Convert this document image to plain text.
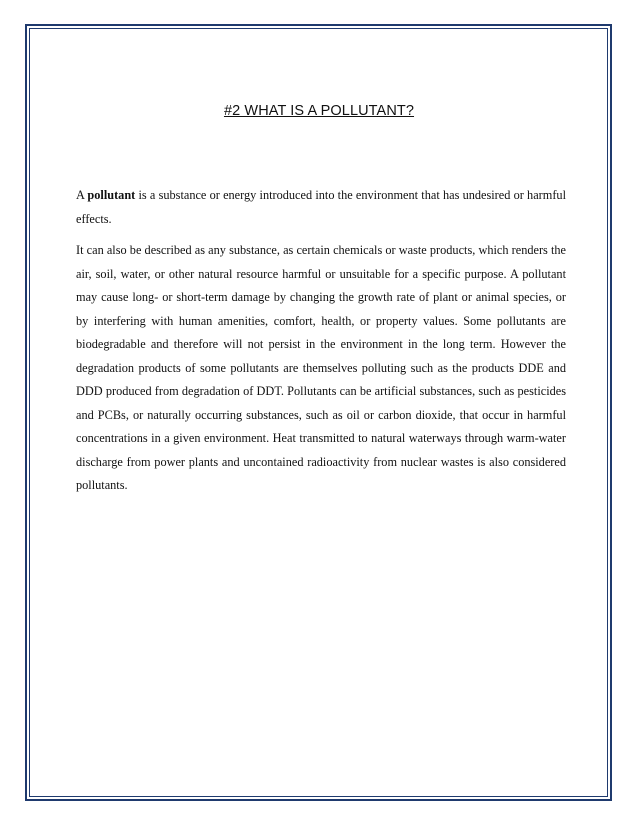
#2 WHAT IS A POLLUTANT?

A pollutant is a substance or energy introduced into the environment that has undesired or harmful effects.

It can also be described as any substance, as certain chemicals or waste products, which renders the air, soil, water, or other natural resource harmful or unsuitable for a specific purpose. A pollutant may cause long- or short-term damage by changing the growth rate of plant or animal species, or by interfering with human amenities, comfort, health, or property values. Some pollutants are biodegradable and therefore will not persist in the environment in the long term. However the degradation products of some pollutants are themselves polluting such as the products DDE and DDD produced from degradation of DDT. Pollutants can be artificial substances, such as pesticides and PCBs, or naturally occurring substances, such as oil or carbon dioxide, that occur in harmful concentrations in a given environment. Heat transmitted to natural waterways through warm-water discharge from power plants and uncontained radioactivity from nuclear wastes is also considered pollutants.
